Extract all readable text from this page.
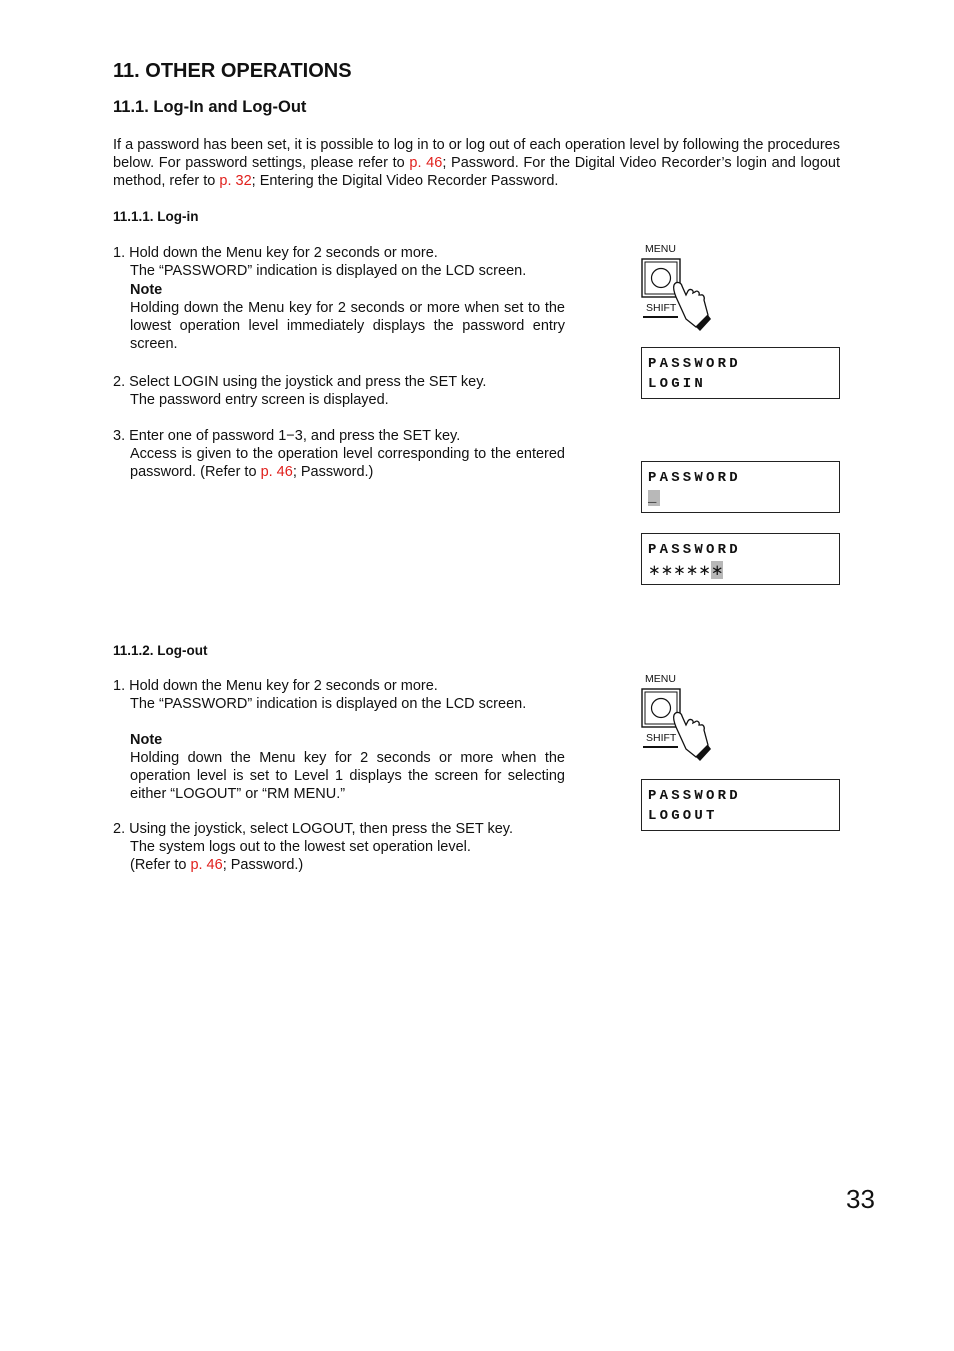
11. OTHER OPERATIONS
11.1. Log-In and Log-Out
If a password has been set, it is possible to log in to or log out of each operation level by following the procedures below. For password settings, please refer to p. 46; Password. For the Digital Video Recorder’s login and logout method, refer to p. 32; Entering the Digital Video Recorder Password.
11.1.1. Log-in
1. Hold down the Menu key for 2 seconds or more.
The “PASSWORD” indication is displayed on the LCD screen.
Note
Holding down the Menu key for 2 seconds or more when set to the lowest operation level immediately displays the password entry screen.
2. Select LOGIN using the joystick and press the SET key.
The password entry screen is displayed.
3. Enter one of password 1−3, and press the SET key.
Access is given to the operation level corresponding to the entered password. (Refer to p. 46; Password.)
MENU
SHIFT
PASSWORD
LOGIN
PASSWORD
_
PASSWORD
∗∗∗∗∗∗
11.1.2. Log-out
1. Hold down the Menu key for 2 seconds or more.
The “PASSWORD” indication is displayed on the LCD screen.
Note
Holding down the Menu key for 2 seconds or more when the operation level is set to Level 1 displays the screen for selecting either “LOGOUT” or “RM MENU.”
2. Using the joystick, select LOGOUT, then press the SET key.
The system logs out to the lowest set operation level.
(Refer to p. 46; Password.)
MENU
SHIFT
PASSWORD
LOGOUT
33
